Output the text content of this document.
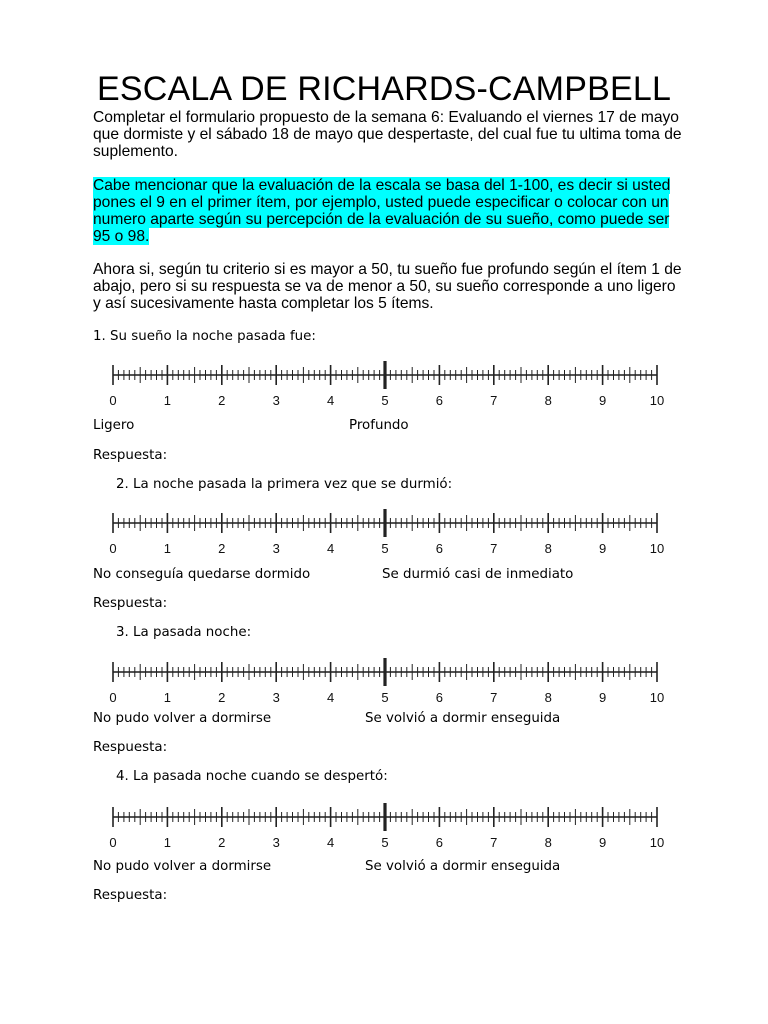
ESCALA DE RICHARDS-CAMPBELL
Completar el formulario propuesto de la semana 6: Evaluando el viernes 17 de mayo que dormiste y el sábado 18 de mayo que despertaste, del cual fue tu ultima toma de suplemento.
Cabe mencionar que la evaluación de la escala se basa del 1-100, es decir si usted pones el 9 en el primer ítem, por ejemplo, usted puede especificar o colocar con un numero aparte según su percepción de la evaluación de su sueño, como puede ser 95 o 98.
Ahora si, según tu criterio si es mayor a 50, tu sueño fue profundo según el ítem 1 de abajo, pero si su respuesta se va de menor a 50, su sueño corresponde a uno ligero y así sucesivamente hasta completar los 5 ítems.
1. Su sueño la noche pasada fue:
0	1	2	3	4	5	6	7	8	9	10
Ligero	Profundo
Respuesta:
2. La noche pasada la primera vez que se durmió:
0	1	2	3	4	5	6	7	8	9	10
No conseguía quedarse dormido	Se durmió casi de inmediato
Respuesta:
3. La pasada noche:
0	1	2	3	4	5	6	7	8	9	10
No pudo volver a dormirse	Se volvió a dormir enseguida
Respuesta:
4. La pasada noche cuando se despertó:
0	1	2	3	4	5	6	7	8	9	10
No pudo volver a dormirse	Se volvió a dormir enseguida
Respuesta:
